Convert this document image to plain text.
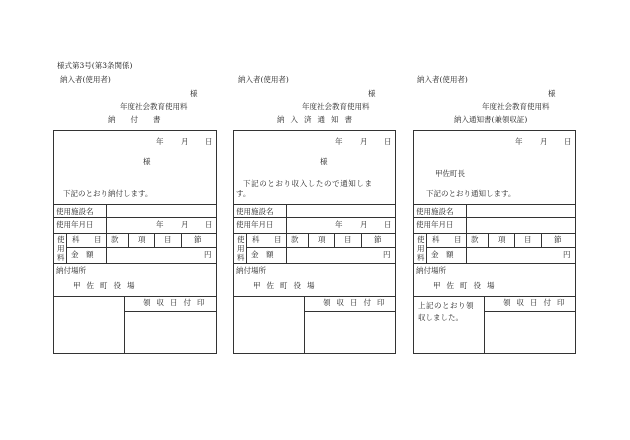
様式第3号(第3条関係)
納入者(使用者)
様
年度社会教育使用料
納　　付　　書
年 月 日
様
下記のとおり納付します。
使用施設名
使用年月日	年 月 日
使
用
料
科 目 款	項 目	節
金　額	円
納付場所
甲佐町役場
領収日付印
納入者(使用者)
様
年度社会教育使用料
納入済通知書
年 月 日
様
下記のとおり収入したので通知しま
す。
使用施設名
使用年月日	年 月 日
使
用
料
科 目 款	項 目	節
金　額	円
納付場所
甲佐町役場
領収日付印
納入者(使用者)
様
年度社会教育使用料
納入通知書(兼領収証)
年 月 日
甲佐町長
下記のとおり通知します。
使用施設名
使用年月日
使
用
料
科 目 款	項 目	節
金　額	円
納付場所
甲佐町役場
上記のとおり領
収しました。
領収日付印
